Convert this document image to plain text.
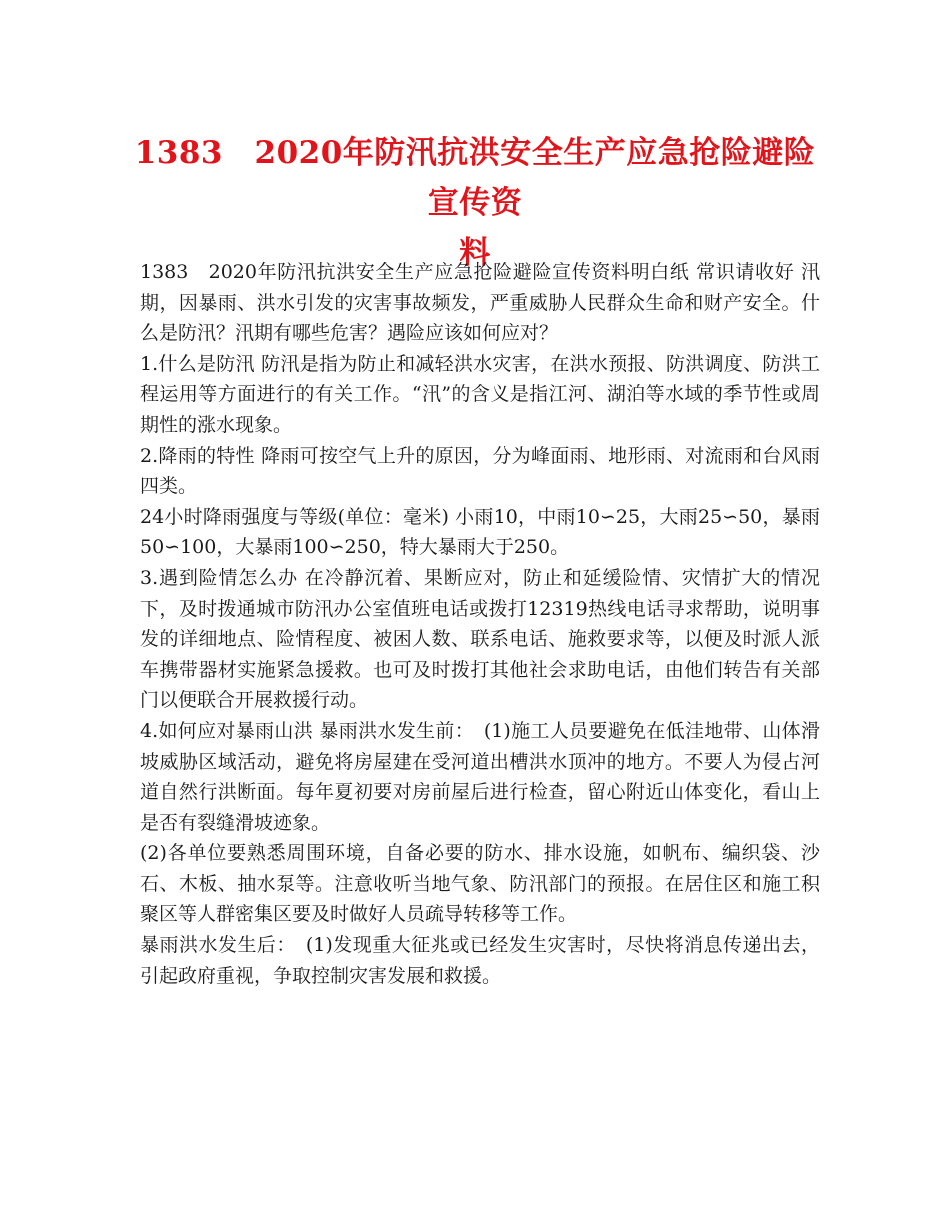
1383　2020年防汛抗洪安全生产应急抢险避险宣传资
料

1383　2020年防汛抗洪安全生产应急抢险避险宣传资料明白纸 常识请收好 汛期，因暴雨、洪水引发的灾害事故频发，严重威胁人民群众生命和财产安全。什么是防汛？汛期有哪些危害？遇险应该如何应对？

1.什么是防汛 防汛是指为防止和减轻洪水灾害，在洪水预报、防洪调度、防洪工程运用等方面进行的有关工作。“汛”的含义是指江河、湖泊等水域的季节性或周期性的涨水现象。

2.降雨的特性 降雨可按空气上升的原因，分为峰面雨、地形雨、对流雨和台风雨四类。

24小时降雨强度与等级(单位：毫米) 小雨10，中雨10∽25，大雨25∽50，暴雨50∽100，大暴雨100∽250，特大暴雨大于250。

3.遇到险情怎么办 在冷静沉着、果断应对，防止和延缓险情、灾情扩大的情况下，及时拨通城市防汛办公室值班电话或拨打12319热线电话寻求帮助，说明事发的详细地点、险情程度、被困人数、联系电话、施救要求等，以便及时派人派车携带器材实施紧急援救。也可及时拨打其他社会求助电话，由他们转告有关部门以便联合开展救援行动。

4.如何应对暴雨山洪 暴雨洪水发生前：　(1)施工人员要避免在低洼地带、山体滑坡威胁区域活动，避免将房屋建在受河道出槽洪水顶冲的地方。不要人为侵占河道自然行洪断面。每年夏初要对房前屋后进行检查，留心附近山体变化，看山上是否有裂缝滑坡迹象。

(2)各单位要熟悉周围环境，自备必要的防水、排水设施，如帆布、编织袋、沙石、木板、抽水泵等。注意收听当地气象、防汛部门的预报。在居住区和施工积聚区等人群密集区要及时做好人员疏导转移等工作。

暴雨洪水发生后：　(1)发现重大征兆或已经发生灾害时，尽快将消息传递出去，引起政府重视，争取控制灾害发展和救援。
